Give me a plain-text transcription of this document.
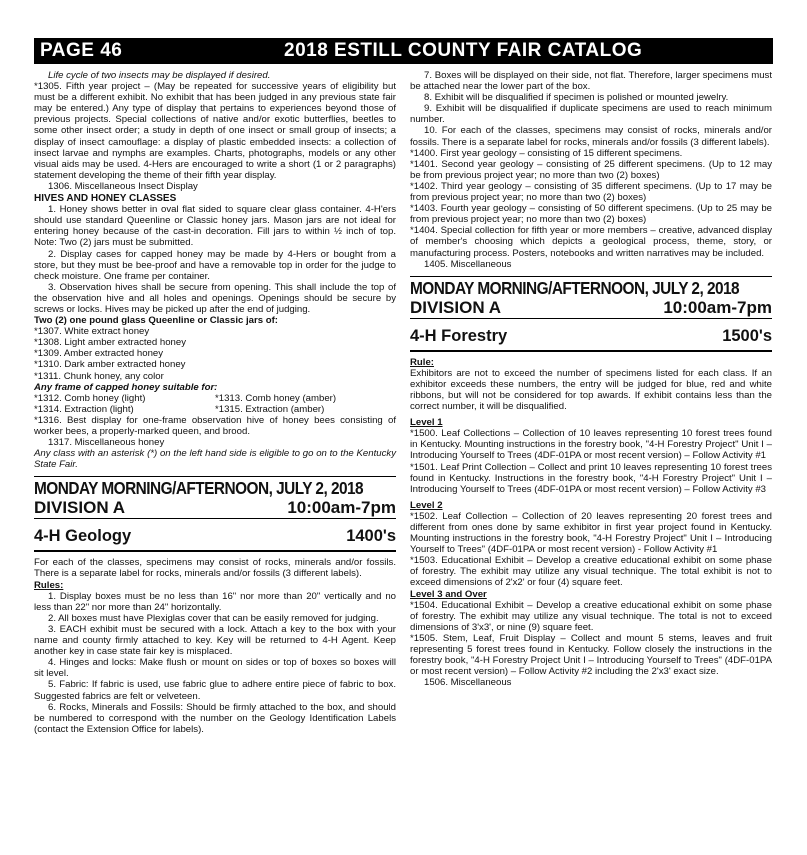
PAGE 46	2018 ESTILL COUNTY FAIR CATALOG

Life cycle of two insects may be displayed if desired.

*1305. Fifth year project – (May be repeated for successive years of eligibility but must be a different exhibit. No exhibit that has been judged in any previous state fair may be entered.) Any type of display that pertains to experiences beyond those of previous projects. Special collections of native and/or exotic butterflies, beetles to some other insect order; a study in depth of one insect or small group of insects; a display of insect camouflage: a display of plastic embedded insects: a collection of insect larvae and nymphs are examples. Charts, photographs, models or any other visual aids may be used. 4-Hers are encouraged to write a short (1 or 2 paragraphs) statement developing the theme of their fifth year display.

1306. Miscellaneous Insect Display

HIVES AND HONEY CLASSES

1. Honey shows better in oval flat sided to square clear glass container. 4-H'ers should use standard Queenline or Classic honey jars. Mason jars are not ideal for entering honey because of the cast-in decoration. Fill jars to within ½ inch of top. Note: Two (2) jars must be submitted.

2. Display cases for capped honey may be made by 4-Hers or bought from a store, but they must be bee-proof and have a removable top in order for the judge to check moisture. One frame per container.

3. Observation hives shall be secure from opening. This shall include the top of the observation hive and all holes and openings. Openings should be secure by screws or locks. Hives may be picked up after the end of judging.

Two (2) one pound glass Queenline or Classic jars of:

*1307. White extract honey

*1308. Light amber extracted honey

*1309. Amber extracted honey

*1310. Dark amber extracted honey

*1311. Chunk honey, any color

Any frame of capped honey suitable for:

*1312. Comb honey (light)	*1313. Comb honey (amber)
*1314. Extraction (light)	*1315. Extraction (amber)

*1316. Best display for one-frame observation hive of honey bees consisting of worker bees, a properly-marked queen, and brood.

1317. Miscellaneous honey

Any class with an asterisk (*) on the left hand side is eligible to go on to the Kentucky State Fair.

MONDAY MORNING/AFTERNOON, JULY 2, 2018
DIVISION A	10:00am-7pm
4-H Geology	1400's

For each of the classes, specimens may consist of rocks, minerals and/or fossils. There is a separate label for rocks, minerals and/or fossils (3 different labels).

Rules:

1. Display boxes must be no less than 16" nor more than 20" vertically and no less than 22" nor more than 24" horizontally.

2. All boxes must have Plexiglas cover that can be easily removed for judging.

3. EACH exhibit must be secured with a lock. Attach a key to the box with your name and county firmly attached to key. Key will be returned to 4-H Agent. Keep another key in case state fair key is misplaced.

4. Hinges and locks: Make flush or mount on sides or top of boxes so boxes will sit level.

5. Fabric: If fabric is used, use fabric glue to adhere entire piece of fabric to box. Suggested fabrics are felt or velveteen.

6. Rocks, Minerals and Fossils: Should be firmly attached to the box, and should be numbered to correspond with the number on the Geology Identification Labels (contact the Extension Office for labels).

7. Boxes will be displayed on their side, not flat. Therefore, larger specimens must be attached near the lower part of the box.

8. Exhibit will be disqualified if specimen is polished or mounted jewelry.

9. Exhibit will be disqualified if duplicate specimens are used to reach minimum number.

10. For each of the classes, specimens may consist of rocks, minerals and/or fossils. There is a separate label for rocks, minerals and/or fossils (3 different labels).

*1400. First year geology – consisting of 15 different specimens.

*1401. Second year geology – consisting of 25 different specimens. (Up to 12 may be from previous project year; no more than two (2) boxes)

*1402. Third year geology – consisting of 35 different specimens. (Up to 17 may be from previous project year; no more than two (2) boxes)

*1403. Fourth year geology – consisting of 50 different specimens. (Up to 25 may be from previous project year; no more than two (2) boxes)

*1404. Special collection for fifth year or more members – creative, advanced display of member's choosing which depicts a geological process, theme, story, or manufacturing process. Posters, notebooks and written narratives may be included.

1405. Miscellaneous

MONDAY MORNING/AFTERNOON, JULY 2, 2018
DIVISION A	10:00am-7pm
4-H Forestry	1500's

Rule:

Exhibitors are not to exceed the number of specimens listed for each class. If an exhibitor exceeds these numbers, the entry will be judged for blue, red and white ribbons, but will not be considered for top awards. If exhibit contains less than the correct number, it will be disqualified.

Level 1

*1500. Leaf Collections – Collection of 10 leaves representing 10 forest trees found in Kentucky. Mounting instructions in the forestry book, "4-H Forestry Project" Unit I – Introducing Yourself to Trees (4DF-01PA or most recent version) – Follow Activity #1

*1501. Leaf Print Collection – Collect and print 10 leaves representing 10 forest trees found in Kentucky. Instructions in the forestry book, "4-H Forestry Project" Unit I – Introducing Yourself to Trees (4DF-01PA or most recent version) – Follow Activity #3

Level 2

*1502. Leaf Collection – Collection of 20 leaves representing 20 forest trees and different from ones done by same exhibitor in first year project found in Kentucky. Mounting instructions in the forestry book, "4-H Forestry Project" Unit I – Introducing Yourself to Trees" (4DF-01PA or most recent version) - Follow Activity #1

*1503. Educational Exhibit – Develop a creative educational exhibit on some phase of forestry. The exhibit may utilize any visual technique. The total exhibit is not to exceed dimensions of 2'x2' or four (4) square feet.

Level 3 and Over

*1504. Educational Exhibit – Develop a creative educational exhibit on some phase of forestry. The exhibit may utilize any visual technique. The total is not to exceed dimensions of 3'x3', or nine (9) square feet.

*1505. Stem, Leaf, Fruit Display – Collect and mount 5 stems, leaves and fruit representing 5 forest trees found in Kentucky. Follow closely the instructions in the forestry book, "4-H Forestry Project Unit I – Introducing Yourself to Trees" (4DF-01PA or most recent version) – Follow Activity #2 including the 2'x3' exact size.

1506. Miscellaneous
